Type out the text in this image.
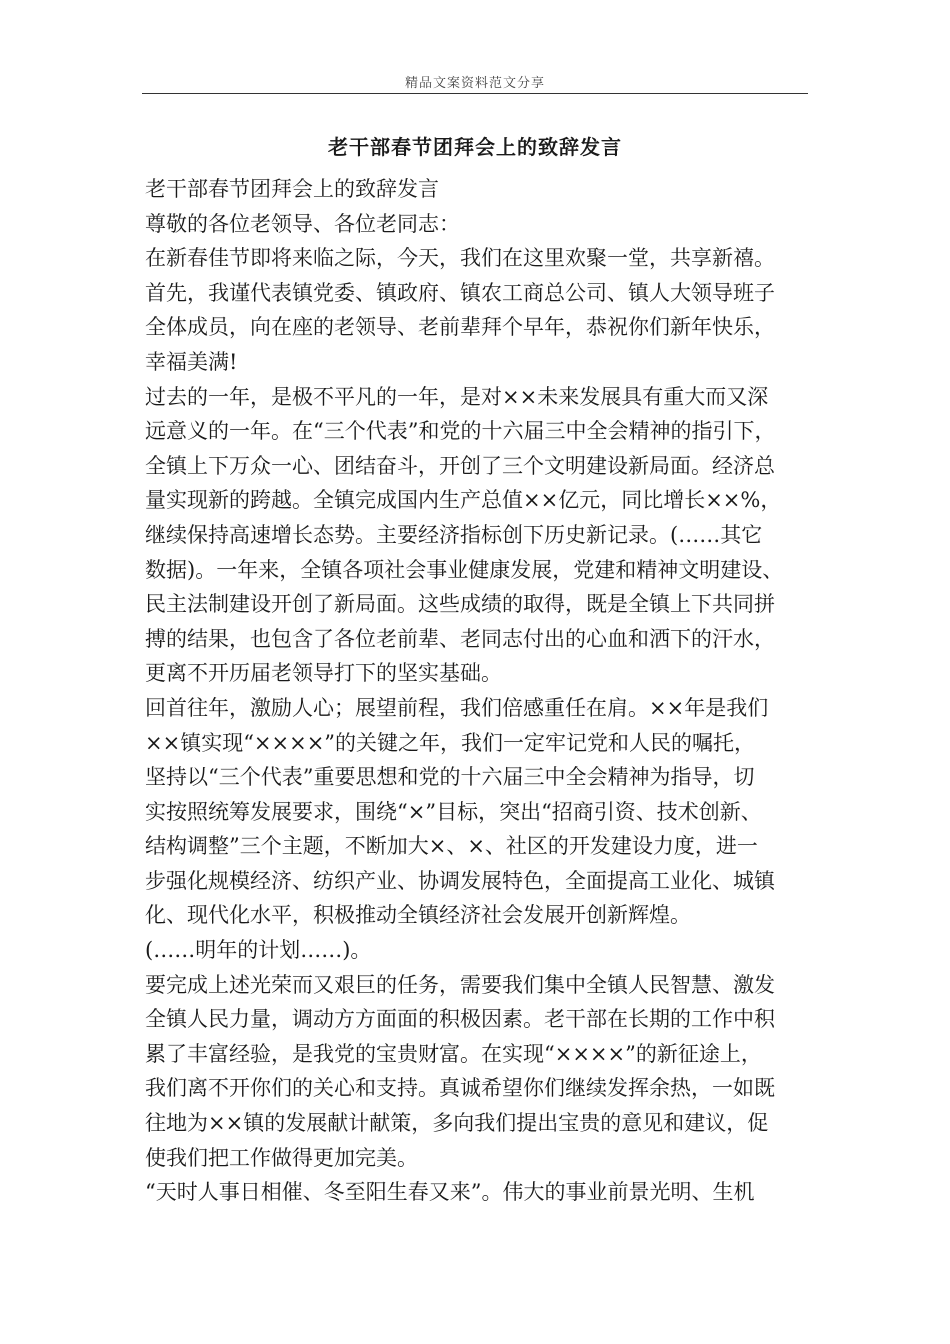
精品文案资料范文分享
老干部春节团拜会上的致辞发言
老干部春节团拜会上的致辞发言
尊敬的各位老领导、各位老同志：
在新春佳节即将来临之际，今天，我们在这里欢聚一堂，共享新禧。
首先，我谨代表镇党委、镇政府、镇农工商总公司、镇人大领导班子
全体成员，向在座的老领导、老前辈拜个早年，恭祝你们新年快乐，
幸福美满!
过去的一年，是极不平凡的一年，是对××未来发展具有重大而又深
远意义的一年。在“三个代表”和党的十六届三中全会精神的指引下，
全镇上下万众一心、团结奋斗，开创了三个文明建设新局面。经济总
量实现新的跨越。全镇完成国内生产总值××亿元，同比增长××%，
继续保持高速增长态势。主要经济指标创下历史新记录。(……其它
数据)。一年来，全镇各项社会事业健康发展，党建和精神文明建设、
民主法制建设开创了新局面。这些成绩的取得，既是全镇上下共同拼
搏的结果，也包含了各位老前辈、老同志付出的心血和洒下的汗水，
更离不开历届老领导打下的坚实基础。
回首往年，激励人心；展望前程，我们倍感重任在肩。××年是我们
××镇实现“××××”的关键之年，我们一定牢记党和人民的嘱托，
坚持以“三个代表”重要思想和党的十六届三中全会精神为指导，切
实按照统筹发展要求，围绕“×”目标，突出“招商引资、技术创新、
结构调整”三个主题，不断加大×、×、社区的开发建设力度，进一
步强化规模经济、纺织产业、协调发展特色，全面提高工业化、城镇
化、现代化水平，积极推动全镇经济社会发展开创新辉煌。
(……明年的计划……)。
要完成上述光荣而又艰巨的任务，需要我们集中全镇人民智慧、激发
全镇人民力量，调动方方面面的积极因素。老干部在长期的工作中积
累了丰富经验，是我党的宝贵财富。在实现“××××”的新征途上，
我们离不开你们的关心和支持。真诚希望你们继续发挥余热，一如既
往地为××镇的发展献计献策，多向我们提出宝贵的意见和建议，促
使我们把工作做得更加完美。
“天时人事日相催、冬至阳生春又来”。伟大的事业前景光明、生机
